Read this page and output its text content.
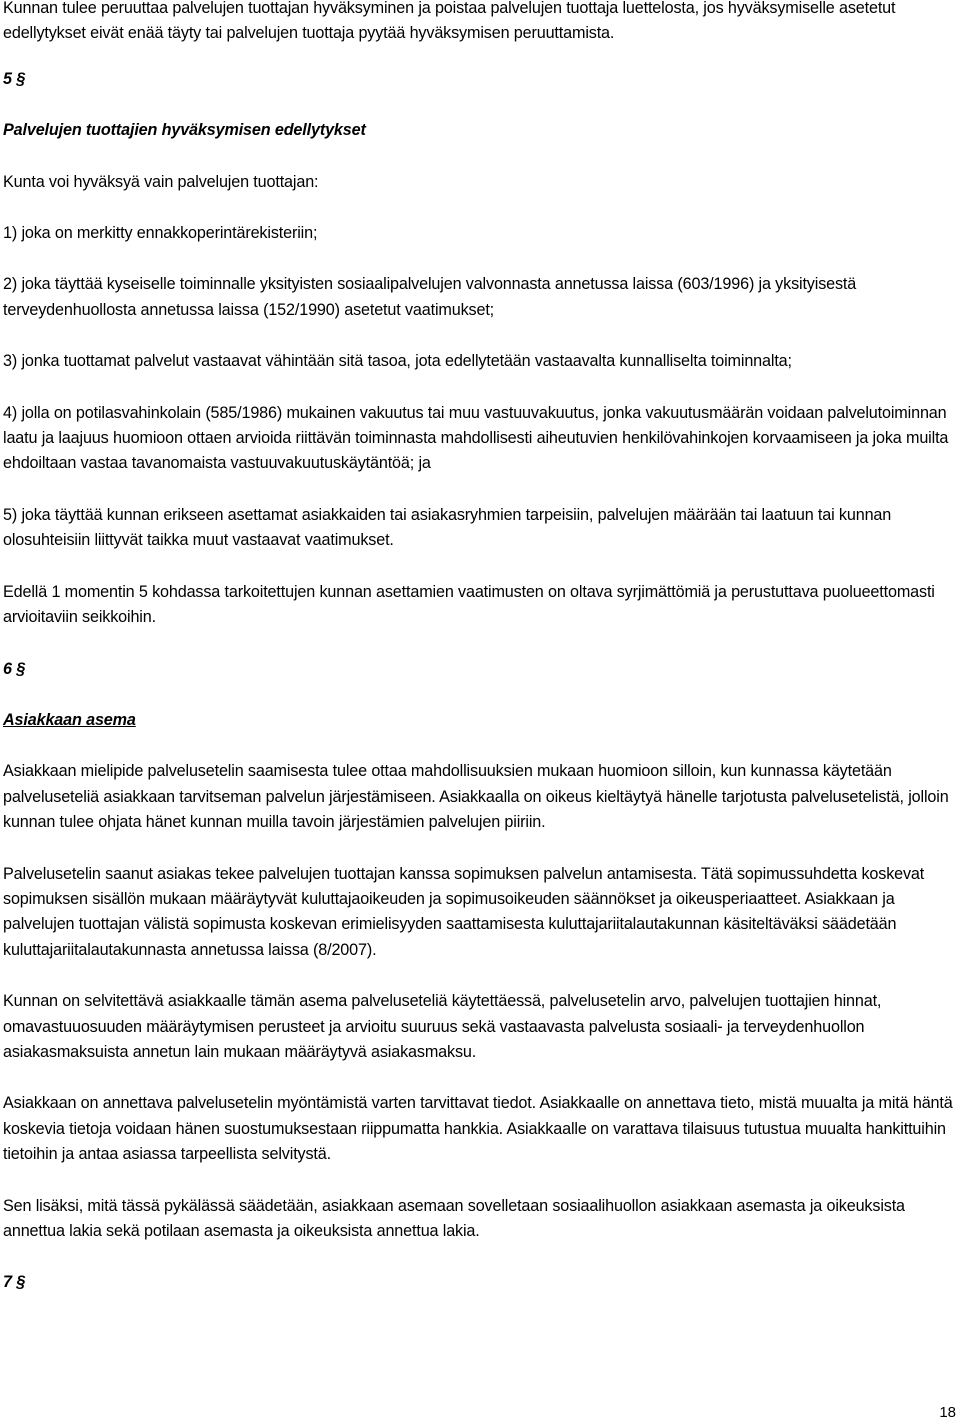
Kunnan tulee peruuttaa palvelujen tuottajan hyväksyminen ja poistaa palvelujen tuottaja luettelosta, jos hyväksymiselle asetetut edellytykset eivät enää täyty tai palvelujen tuottaja pyytää hyväksymisen peruuttamista.

5 §

Palvelujen tuottajien hyväksymisen edellytykset

Kunta voi hyväksyä vain palvelujen tuottajan:

1) joka on merkitty ennakkoperintärekisteriin;

2) joka täyttää kyseiselle toiminnalle yksityisten sosiaalipalvelujen valvonnasta annetussa laissa (603/1996) ja yksityisestä terveydenhuollosta annetussa laissa (152/1990) asetetut vaatimukset;

3) jonka tuottamat palvelut vastaavat vähintään sitä tasoa, jota edellytetään vastaavalta kunnalliselta toiminnalta;

4) jolla on potilasvahinkolain (585/1986) mukainen vakuutus tai muu vastuuvakuutus, jonka vakuutusmäärän voidaan palvelutoiminnan laatu ja laajuus huomioon ottaen arvioida riittävän toiminnasta mahdollisesti aiheutuvien henkilövahinkojen korvaamiseen ja joka muilta ehdoiltaan vastaa tavanomaista vastuuvakuutuskäytäntöä; ja

5) joka täyttää kunnan erikseen asettamat asiakkaiden tai asiakasryhmien tarpeisiin, palvelujen määrään tai laatuun tai kunnan olosuhteisiin liittyvät taikka muut vastaavat vaatimukset.

Edellä 1 momentin 5 kohdassa tarkoitettujen kunnan asettamien vaatimusten on oltava syrjimättömiä ja perustuttava puolueettomasti arvioitaviin seikkoihin.

6 §

Asiakkaan asema

Asiakkaan mielipide palvelusetelin saamisesta tulee ottaa mahdollisuuksien mukaan huomioon silloin, kun kunnassa käytetään palveluseteliä asiakkaan tarvitseman palvelun järjestämiseen. Asiakkaalla on oikeus kieltäytyä hänelle tarjotusta palvelusetelistä, jolloin kunnan tulee ohjata hänet kunnan muilla tavoin järjestämien palvelujen piiriin.

Palvelusetelin saanut asiakas tekee palvelujen tuottajan kanssa sopimuksen palvelun antamisesta. Tätä sopimussuhdetta koskevat sopimuksen sisällön mukaan määräytyvät kuluttajaoikeuden ja sopimusoikeuden säännökset ja oikeusperiaatteet. Asiakkaan ja palvelujen tuottajan välistä sopimusta koskevan erimielisyyden saattamisesta kuluttajariitalautakunnan käsiteltäväksi säädetään kuluttajariitalautakunnasta annetussa laissa (8/2007).

Kunnan on selvitettävä asiakkaalle tämän asema palveluseteliä käytettäessä, palvelusetelin arvo, palvelujen tuottajien hinnat, omavastuuosuuden määräytymisen perusteet ja arvioitu suuruus sekä vastaavasta palvelusta sosiaali- ja terveydenhuollon asiakasmaksuista annetun lain mukaan määräytyvä asiakasmaksu.

Asiakkaan on annettava palvelusetelin myöntämistä varten tarvittavat tiedot. Asiakkaalle on annettava tieto, mistä muualta ja mitä häntä koskevia tietoja voidaan hänen suostumuksestaan riippumatta hankkia. Asiakkaalle on varattava tilaisuus tutustua muualta hankittuihin tietoihin ja antaa asiassa tarpeellista selvitystä.

Sen lisäksi, mitä tässä pykälässä säädetään, asiakkaan asemaan sovelletaan sosiaalihuollon asiakkaan asemasta ja oikeuksista annettua lakia sekä potilaan asemasta ja oikeuksista annettua lakia.

7 §

18
